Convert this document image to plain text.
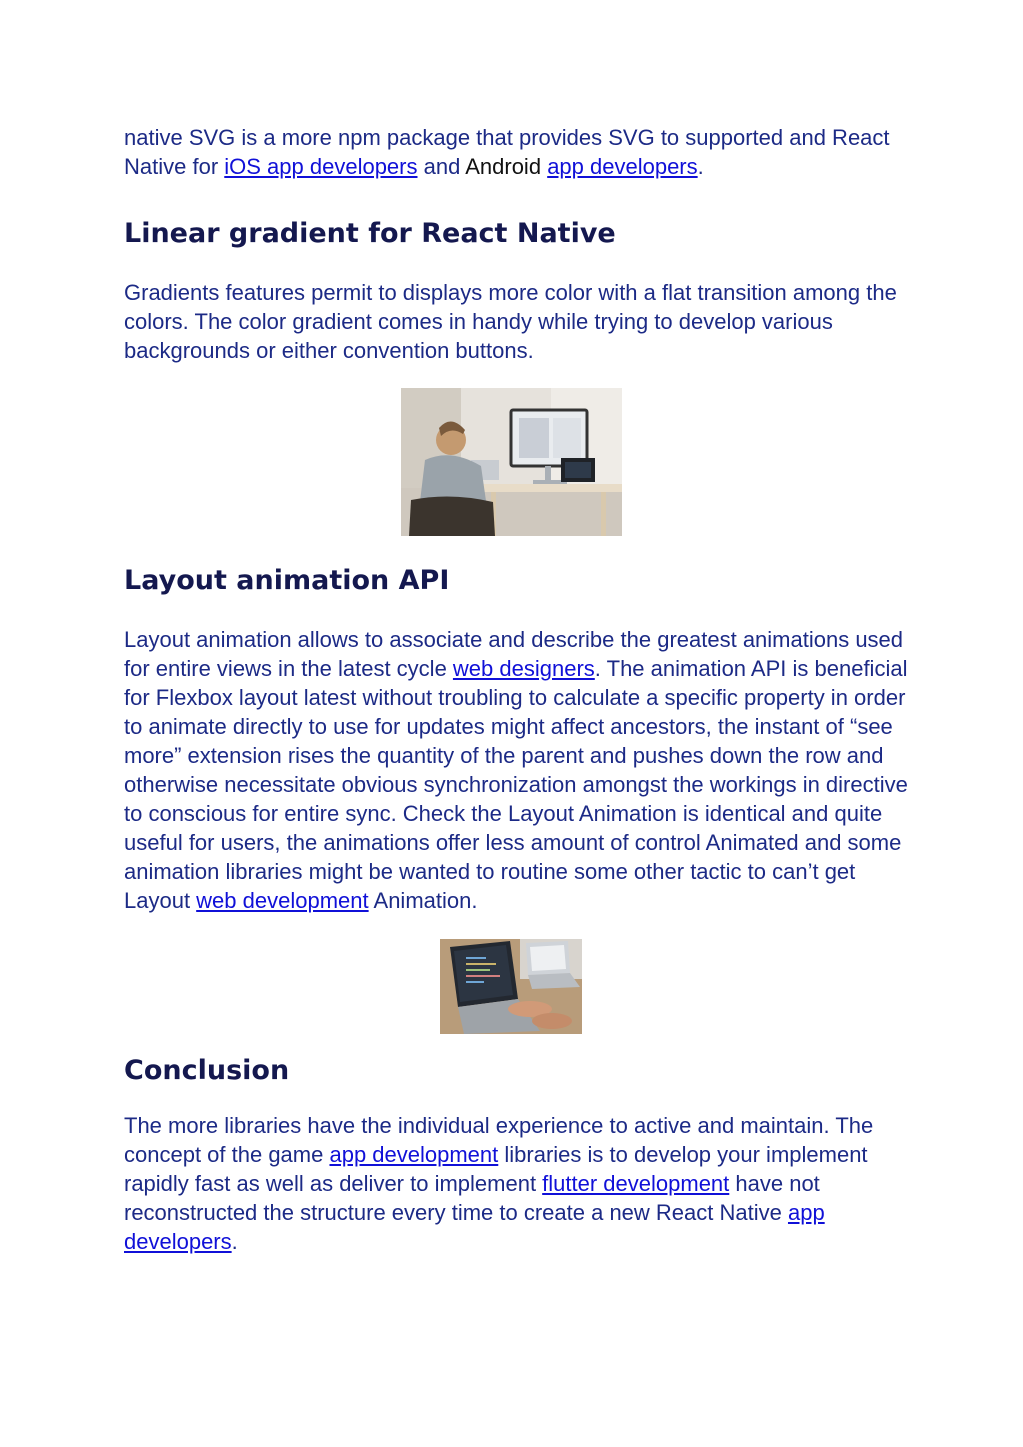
native SVG is a more npm package that provides SVG to supported and React Native for iOS app developers and Android app developers.

Linear gradient for React Native

Gradients features permit to displays more color with a flat transition among the colors. The color gradient comes in handy while trying to develop various backgrounds or either convention buttons.

Layout animation API

Layout animation allows to associate and describe the greatest animations used for entire views in the latest cycle web designers. The animation API is beneficial for Flexbox layout latest without troubling to calculate a specific property in order to animate directly to use for updates might affect ancestors, the instant of “see more” extension rises the quantity of the parent and pushes down the row and otherwise necessitate obvious synchronization amongst the workings in directive to conscious for entire sync. Check the Layout Animation is identical and quite useful for users, the animations offer less amount of control Animated and some animation libraries might be wanted to routine some other tactic to can’t get Layout web development Animation.

Conclusion

The more libraries have the individual experience to active and maintain. The concept of the game app development libraries is to develop your implement rapidly fast as well as deliver to implement flutter development have not reconstructed the structure every time to create a new React Native app developers.
